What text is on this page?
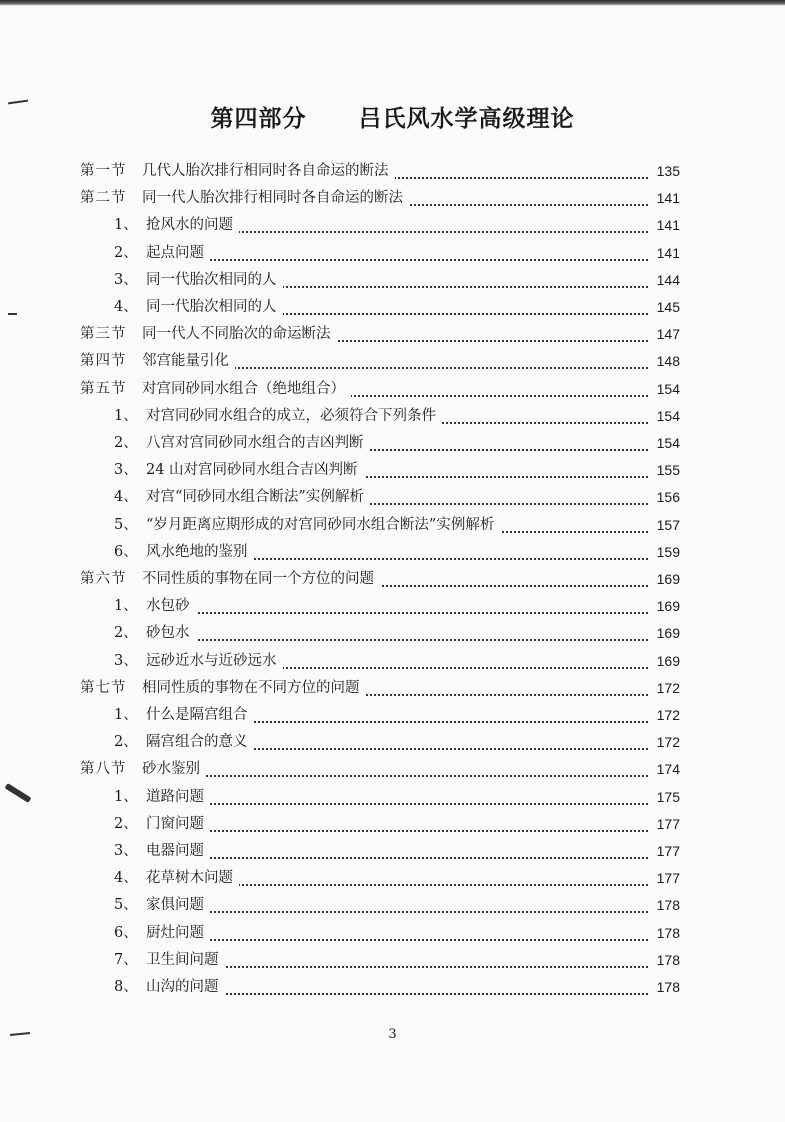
第四部分 吕氏风水学高级理论
第一节	几代人胎次排行相同时各自命运的断法	135
第二节	同一代人胎次排行相同时各自命运的断法	141
1、 抢风水的问题	141
2、 起点问题	141
3、 同一代胎次相同的人	144
4、 同一代胎次相同的人	145
第三节	同一代人不同胎次的命运断法	147
第四节	邻宫能量引化	148
第五节	对宫同砂同水组合（绝地组合）	154
1、 对宫同砂同水组合的成立，必须符合下列条件	154
2、 八宫对宫同砂同水组合的吉凶判断	154
3、 24 山对宫同砂同水组合吉凶判断	155
4、 对宫“同砂同水组合断法”实例解析	156
5、 “岁月距离应期形成的对宫同砂同水组合断法”实例解析	157
6、 风水绝地的鉴别	159
第六节	不同性质的事物在同一个方位的问题	169
1、 水包砂	169
2、 砂包水	169
3、 远砂近水与近砂远水	169
第七节	相同性质的事物在不同方位的问题	172
1、 什么是隔宫组合	172
2、 隔宫组合的意义	172
第八节	砂水鉴别	174
1、 道路问题	175
2、 门窗问题	177
3、 电器问题	177
4、 花草树木问题	177
5、 家俱问题	178
6、 厨灶问题	178
7、 卫生间问题	178
8、 山沟的问题	178
3
